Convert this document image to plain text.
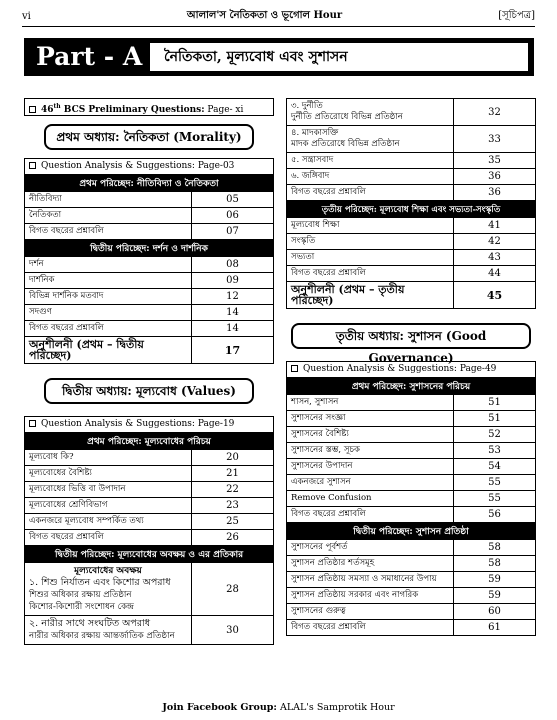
vi	আলাল'স নৈতিকতা ও ভূগোল Hour	[সূচিপত্র]
Part - A	নৈতিকতা, মূল্যবোধ এবং সুশাসন
46th BCS Preliminary Questions: Page- xi
প্রথম অধ্যায়: নৈতিকতা (Morality)
Question Analysis & Suggestions: Page-03
প্রথম পরিচ্ছেদ: নীতিবিদ্যা ও নৈতিকতা
নীতিবিদ্যা	05
নৈতিকতা	06
বিগত বছরের প্রশ্নাবলি	07
দ্বিতীয় পরিচ্ছেদ: দর্শন ও দার্শনিক
দর্শন	08
দার্শনিক	09
বিভিন্ন দার্শনিক মতবাদ	12
সদগুণ	14
বিগত বছরের প্রশ্নাবলি	14
অনুশীলনী (প্রথম – দ্বিতীয় পরিচ্ছেদ)	17
দ্বিতীয় অধ্যায়: মূল্যবোধ (Values)
Question Analysis & Suggestions: Page-19
প্রথম পরিচ্ছেদ: মূল্যবোধের পরিচয়
মূল্যবোধ কি?	20
মূল্যবোধের বৈশিষ্ট্য	21
মূল্যবোধের ভিত্তি বা উপাদান	22
মূল্যবোধের শ্রেণিবিভাগ	23
একনজরে মূল্যবোধ সম্পর্কিত তথ্য	25
বিগত বছরের প্রশ্নাবলি	26
দ্বিতীয় পরিচ্ছেদ: মূল্যবোধের অবক্ষয় ও এর প্রতিকার
মূল্যবোধের অবক্ষয়
১. শিশু নির্যাতন এবং কিশোর অপরাধ
শিশুর অধিকার রক্ষায় প্রতিষ্ঠান
কিশোর-কিশোরী সংশোধন কেন্দ্র	28

২. নারীর সাথে সংঘটিত অপরাধ
নারীর অধিকার রক্ষায় আন্তর্জাতিক প্রতিষ্ঠান	30
৩. দুর্নীতি
দুর্নীতি প্রতিরোধে বিভিন্ন প্রতিষ্ঠান	32

৪. মাদকাসক্তি
মাদক প্রতিরোধে বিভিন্ন প্রতিষ্ঠান	33
৫. সন্ত্রাসবাদ	35
৬. জঙ্গিবাদ	36
বিগত বছরের প্রশ্নাবলি	36
তৃতীয় পরিচ্ছেদ: মূল্যবোধ শিক্ষা এবং সভ্যতা-সংস্কৃতি
মূল্যবোধ শিক্ষা	41
সংস্কৃতি	42
সভ্যতা	43
বিগত বছরের প্রশ্নাবলি	44
অনুশীলনী (প্রথম – তৃতীয় পরিচ্ছেদ)	45
তৃতীয় অধ্যায়: সুশাসন (Good Governance)
Question Analysis & Suggestions: Page-49
প্রথম পরিচ্ছেদ: সুশাসনের পরিচয়
শাসন, সুশাসন	51
সুশাসনের সংজ্ঞা	51
সুশাসনের বৈশিষ্ট্য	52
সুশাসনের স্তম্ভ, সূচক	53
সুশাসনের উপাদান	54
একনজরে সুশাসন	55
Remove Confusion	55
বিগত বছরের প্রশ্নাবলি	56
দ্বিতীয় পরিচ্ছেদ: সুশাসন প্রতিষ্ঠা
সুশাসনের পূর্বশর্ত	58
সুশাসন প্রতিষ্ঠার শর্তসমূহ	58
সুশাসন প্রতিষ্ঠায় সমস্যা ও সমাধানের উপায়	59
সুশাসন প্রতিষ্ঠায় সরকার এবং নাগরিক	59
সুশাসনের গুরুত্ব	60
বিগত বছরের প্রশ্নাবলি	61
Join Facebook Group: ALAL's Samprotik Hour
